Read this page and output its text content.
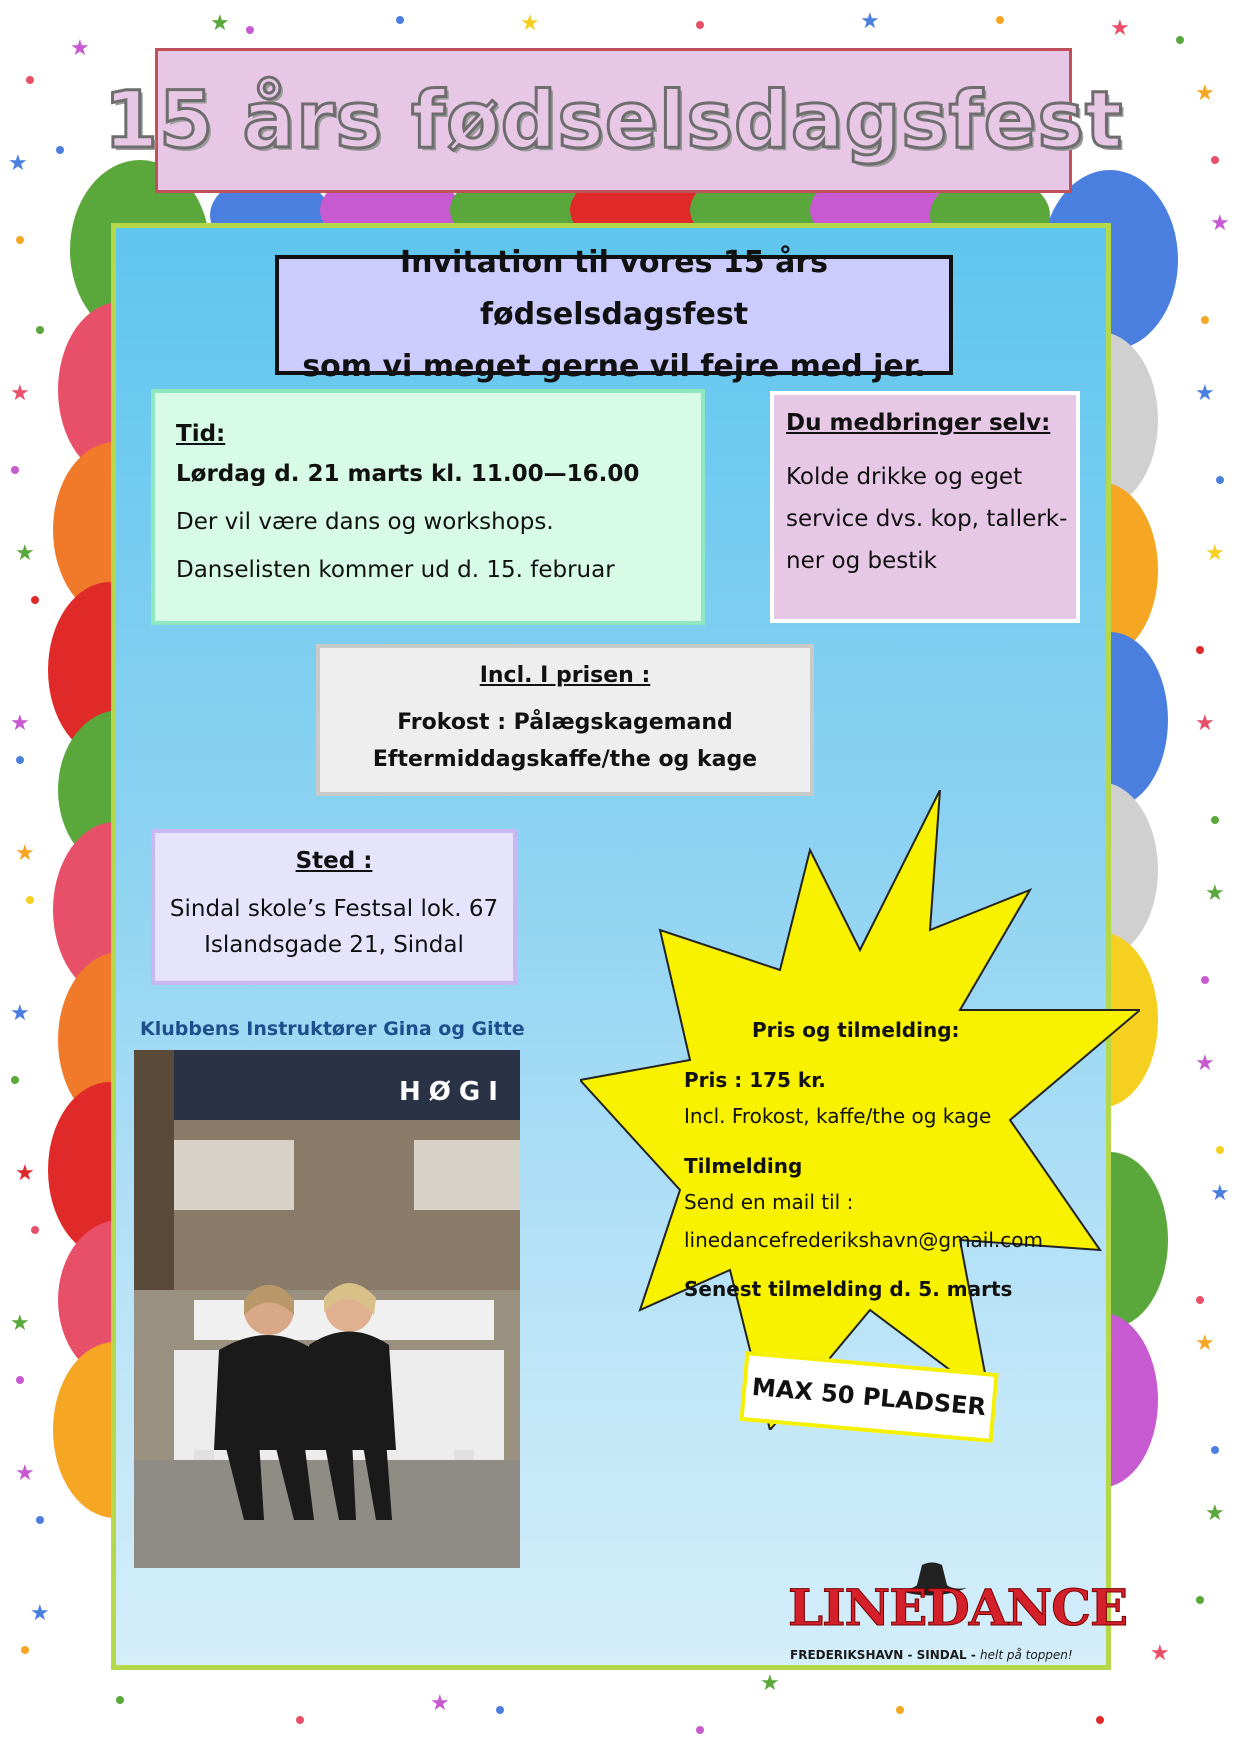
★
★	★	★	★
★
★
★
★	★
★	★
★	★
★
★
★
★
★
★
★
★
★
★
★
★
★
★
15 års fødselsdagsfest
Invitation til vores 15 års fødselsdagsfest
som vi meget gerne vil fejre med jer.
Tid:
Lørdag d. 21 marts kl. 11.00—16.00
Der vil være dans og workshops.
Danselisten kommer ud d. 15. februar
Du medbringer selv:
Kolde drikke og eget
service dvs. kop, tallerk-
ner og bestik
Incl. I prisen :
Frokost : Pålægskagemand
Eftermiddagskaffe/the og kage
Sted :
Sindal skole’s Festsal lok. 67
Islandsgade 21, Sindal
Klubbens Instruktører Gina og Gitte
HØGI
Pris og tilmelding:
Pris : 175 kr.
Incl. Frokost, kaffe/the og kage
Tilmelding
Send en mail til :
linedancefrederikshavn@gmail.com
Senest tilmelding d. 5. marts
MAX 50 PLADSER
LINEDANCE
FREDERIKSHAVN - SINDAL - helt på toppen!
